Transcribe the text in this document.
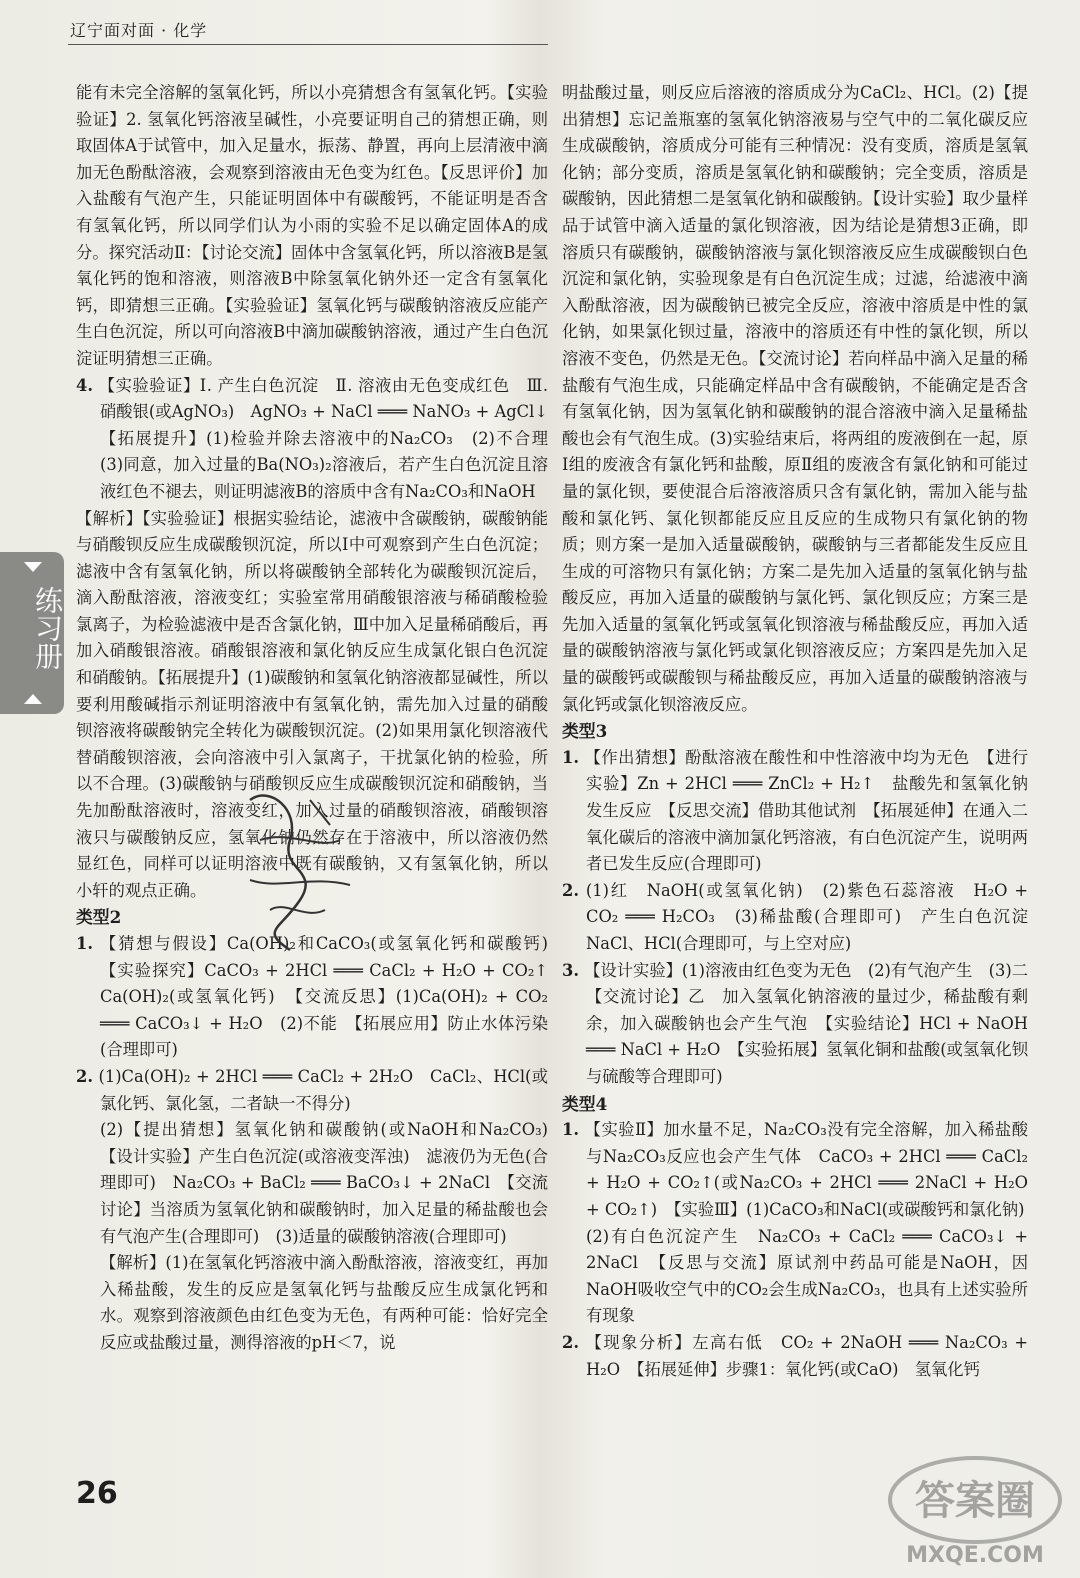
辽宁面对面 · 化学

能有未完全溶解的氢氧化钙，所以小亮猜想含有氢氧化钙。【实验验证】2. 氢氧化钙溶液呈碱性，小亮要证明自己的猜想正确，则取固体A于试管中，加入足量水，振荡、静置，再向上层清液中滴加无色酚酞溶液，会观察到溶液由无色变为红色。【反思评价】加入盐酸有气泡产生，只能证明固体中有碳酸钙，不能证明是否含有氢氧化钙，所以同学们认为小雨的实验不足以确定固体A的成分。探究活动Ⅱ：【讨论交流】固体中含氢氧化钙，所以溶液B是氢氧化钙的饱和溶液，则溶液B中除氢氧化钠外还一定含有氢氧化钙，即猜想三正确。【实验验证】氢氧化钙与碳酸钠溶液反应能产生白色沉淀，所以可向溶液B中滴加碳酸钠溶液，通过产生白色沉淀证明猜想三正确。

4. 【实验验证】Ⅰ. 产生白色沉淀　Ⅱ. 溶液由无色变成红色　Ⅲ. 硝酸银(或AgNO₃)　AgNO₃ + NaCl ═══ NaNO₃ + AgCl↓　【拓展提升】(1)检验并除去溶液中的Na₂CO₃　(2)不合理　(3)同意，加入过量的Ba(NO₃)₂溶液后，若产生白色沉淀且溶液红色不褪去，则证明滤液B的溶质中含有Na₂CO₃和NaOH

【解析】【实验验证】根据实验结论，滤液中含碳酸钠，碳酸钠能与硝酸钡反应生成碳酸钡沉淀，所以Ⅰ中可观察到产生白色沉淀；滤液中含有氢氧化钠，所以将碳酸钠全部转化为碳酸钡沉淀后，滴入酚酞溶液，溶液变红；实验室常用硝酸银溶液与稀硝酸检验氯离子，为检验滤液中是否含氯化钠，Ⅲ中加入足量稀硝酸后，再加入硝酸银溶液。硝酸银溶液和氯化钠反应生成氯化银白色沉淀和硝酸钠。【拓展提升】(1)碳酸钠和氢氧化钠溶液都显碱性，所以要利用酸碱指示剂证明溶液中有氢氧化钠，需先加入过量的硝酸钡溶液将碳酸钠完全转化为碳酸钡沉淀。(2)如果用氯化钡溶液代替硝酸钡溶液，会向溶液中引入氯离子，干扰氯化钠的检验，所以不合理。(3)碳酸钠与硝酸钡反应生成碳酸钡沉淀和硝酸钠，当先加酚酞溶液时，溶液变红，加入过量的硝酸钡溶液，硝酸钡溶液只与碳酸钠反应，氢氧化钠仍然存在于溶液中，所以溶液仍然显红色，同样可以证明溶液中既有碳酸钠，又有氢氧化钠，所以小轩的观点正确。

类型2

1. 【猜想与假设】Ca(OH)₂和CaCO₃(或氢氧化钙和碳酸钙)　【实验探究】CaCO₃ + 2HCl ═══ CaCl₂ + H₂O + CO₂↑　Ca(OH)₂(或氢氧化钙)　【交流反思】(1)Ca(OH)₂ + CO₂ ═══ CaCO₃↓ + H₂O　(2)不能　【拓展应用】防止水体污染(合理即可)

2. (1)Ca(OH)₂ + 2HCl ═══ CaCl₂ + 2H₂O　CaCl₂、HCl(或氯化钙、氯化氢，二者缺一不得分)

(2)【提出猜想】氢氧化钠和碳酸钠(或NaOH和Na₂CO₃)　【设计实验】产生白色沉淀(或溶液变浑浊)　滤液仍为无色(合理即可)　Na₂CO₃ + BaCl₂ ═══ BaCO₃↓ + 2NaCl　【交流讨论】当溶质为氢氧化钠和碳酸钠时，加入足量的稀盐酸也会有气泡产生(合理即可)　(3)适量的碳酸钠溶液(合理即可)

【解析】(1)在氢氧化钙溶液中滴入酚酞溶液，溶液变红，再加入稀盐酸，发生的反应是氢氧化钙与盐酸反应生成氯化钙和水。观察到溶液颜色由红色变为无色，有两种可能：恰好完全反应或盐酸过量，测得溶液的pH＜7，说

明盐酸过量，则反应后溶液的溶质成分为CaCl₂、HCl。(2)【提出猜想】忘记盖瓶塞的氢氧化钠溶液易与空气中的二氧化碳反应生成碳酸钠，溶质成分可能有三种情况：没有变质，溶质是氢氧化钠；部分变质，溶质是氢氧化钠和碳酸钠；完全变质，溶质是碳酸钠，因此猜想二是氢氧化钠和碳酸钠。【设计实验】取少量样品于试管中滴入适量的氯化钡溶液，因为结论是猜想3正确，即溶质只有碳酸钠，碳酸钠溶液与氯化钡溶液反应生成碳酸钡白色沉淀和氯化钠，实验现象是有白色沉淀生成；过滤，给滤液中滴入酚酞溶液，因为碳酸钠已被完全反应，溶液中溶质是中性的氯化钠，如果氯化钡过量，溶液中的溶质还有中性的氯化钡，所以溶液不变色，仍然是无色。【交流讨论】若向样品中滴入足量的稀盐酸有气泡生成，只能确定样品中含有碳酸钠，不能确定是否含有氢氧化钠，因为氢氧化钠和碳酸钠的混合溶液中滴入足量稀盐酸也会有气泡生成。(3)实验结束后，将两组的废液倒在一起，原Ⅰ组的废液含有氯化钙和盐酸，原Ⅱ组的废液含有氯化钠和可能过量的氯化钡，要使混合后溶液溶质只含有氯化钠，需加入能与盐酸和氯化钙、氯化钡都能反应且反应的生成物只有氯化钠的物质；则方案一是加入适量碳酸钠，碳酸钠与三者都能发生反应且生成的可溶物只有氯化钠；方案二是先加入适量的氢氧化钠与盐酸反应，再加入适量的碳酸钠与氯化钙、氯化钡反应；方案三是先加入适量的氢氧化钙或氢氧化钡溶液与稀盐酸反应，再加入适量的碳酸钠溶液与氯化钙或氯化钡溶液反应；方案四是先加入足量的碳酸钙或碳酸钡与稀盐酸反应，再加入适量的碳酸钠溶液与氯化钙或氯化钡溶液反应。

类型3

1. 【作出猜想】酚酞溶液在酸性和中性溶液中均为无色　【进行实验】Zn + 2HCl ═══ ZnCl₂ + H₂↑　盐酸先和氢氧化钠发生反应　【反思交流】借助其他试剂　【拓展延伸】在通入二氧化碳后的溶液中滴加氯化钙溶液，有白色沉淀产生，说明两者已发生反应(合理即可)

2. (1)红　NaOH(或氢氧化钠)　(2)紫色石蕊溶液　H₂O + CO₂ ═══ H₂CO₃　(3)稀盐酸(合理即可)　产生白色沉淀　NaCl、HCl(合理即可，与上空对应)

3. 【设计实验】(1)溶液由红色变为无色　(2)有气泡产生　(3)二　【交流讨论】乙　加入氢氧化钠溶液的量过少，稀盐酸有剩余，加入碳酸钠也会产生气泡　【实验结论】HCl + NaOH ═══ NaCl + H₂O　【实验拓展】氢氧化铜和盐酸(或氢氧化钡与硫酸等合理即可)

类型4

1. 【实验Ⅱ】加水量不足，Na₂CO₃没有完全溶解，加入稀盐酸与Na₂CO₃反应也会产生气体　CaCO₃ + 2HCl ═══ CaCl₂ + H₂O + CO₂↑(或Na₂CO₃ + 2HCl ═══ 2NaCl + H₂O + CO₂↑)　【实验Ⅲ】(1)CaCO₃和NaCl(或碳酸钙和氯化钠)

(2)有白色沉淀产生　Na₂CO₃ + CaCl₂ ═══ CaCO₃↓ + 2NaCl　【反思与交流】原试剂中药品可能是NaOH，因NaOH吸收空气中的CO₂会生成Na₂CO₃，也具有上述实验所有现象

2. 【现象分析】左高右低　CO₂ + 2NaOH ═══ Na₂CO₃ + H₂O　【拓展延伸】步骤1：氧化钙(或CaO)　氢氧化钙

练习册
26	答案圈
MXQE.COM
